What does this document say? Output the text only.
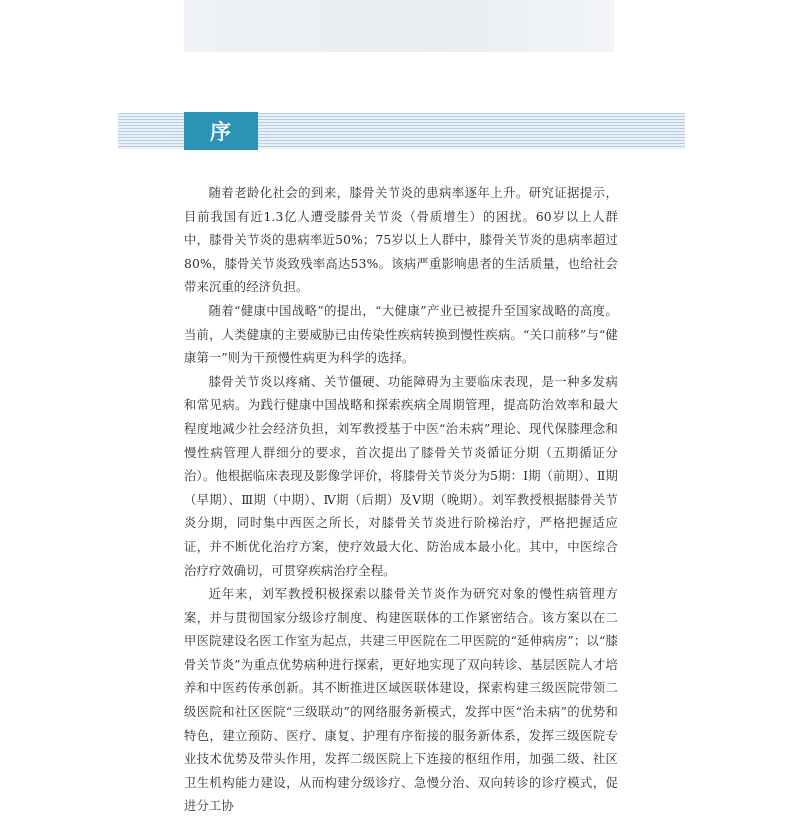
序

随着老龄化社会的到来，膝骨关节炎的患病率逐年上升。研究证据提示，目前我国有近1.3亿人遭受膝骨关节炎（骨质增生）的困扰。60岁以上人群中，膝骨关节炎的患病率近50%；75岁以上人群中，膝骨关节炎的患病率超过80%，膝骨关节炎致残率高达53%。该病严重影响患者的生活质量，也给社会带来沉重的经济负担。

随着“健康中国战略”的提出，“大健康”产业已被提升至国家战略的高度。当前，人类健康的主要威胁已由传染性疾病转换到慢性疾病。“关口前移”与“健康第一”则为干预慢性病更为科学的选择。

膝骨关节炎以疼痛、关节僵硬、功能障碍为主要临床表现，是一种多发病和常见病。为践行健康中国战略和探索疾病全周期管理，提高防治效率和最大程度地减少社会经济负担，刘军教授基于中医“治未病”理论、现代保膝理念和慢性病管理人群细分的要求，首次提出了膝骨关节炎循证分期（五期循证分治）。他根据临床表现及影像学评价，将膝骨关节炎分为5期：Ⅰ期（前期）、Ⅱ期（早期）、Ⅲ期（中期）、Ⅳ期（后期）及Ⅴ期（晚期）。刘军教授根据膝骨关节炎分期，同时集中西医之所长，对膝骨关节炎进行阶梯治疗，严格把握适应证，并不断优化治疗方案，使疗效最大化、防治成本最小化。其中，中医综合治疗疗效确切，可贯穿疾病治疗全程。

近年来，刘军教授积极探索以膝骨关节炎作为研究对象的慢性病管理方案，并与贯彻国家分级诊疗制度、构建医联体的工作紧密结合。该方案以在二甲医院建设名医工作室为起点，共建三甲医院在二甲医院的“延伸病房”；以“膝骨关节炎”为重点优势病种进行探索，更好地实现了双向转诊、基层医院人才培养和中医药传承创新。其不断推进区域医联体建设，探索构建三级医院带领二级医院和社区医院“三级联动”的网络服务新模式，发挥中医“治未病”的优势和特色，建立预防、医疗、康复、护理有序衔接的服务新体系，发挥三级医院专业技术优势及带头作用，发挥二级医院上下连接的枢纽作用，加强二级、社区卫生机构能力建设，从而构建分级诊疗、急慢分治、双向转诊的诊疗模式，促进分工协
